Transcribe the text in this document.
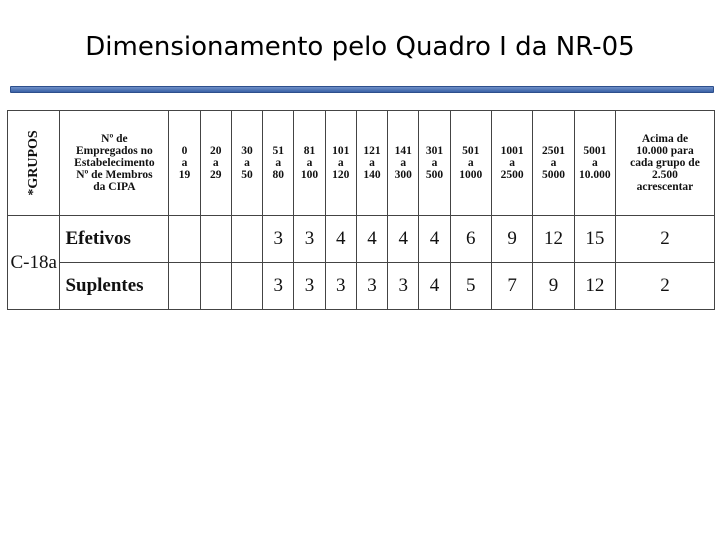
Dimensionamento pelo Quadro I da NR-05
*GRUPOS	Nº de
Empregados no
Estabelecimento
Nº de Membros
da CIPA	0
a
19	20
a
29	30
a
50	51
a
80	81
a
100	101
a
120	121
a
140	141
a
300	301
a
500	501
a
1000	1001
a
2500	2501
a
5000	5001
a
10.000	Acima de
10.000 para
cada grupo de
2.500
acrescentar

C-18a	Efetivos				3	3	4	4	4	4	6	9	12	15	2
	Suplentes				3	3	3	3	3	4	5	7	9	12	2
